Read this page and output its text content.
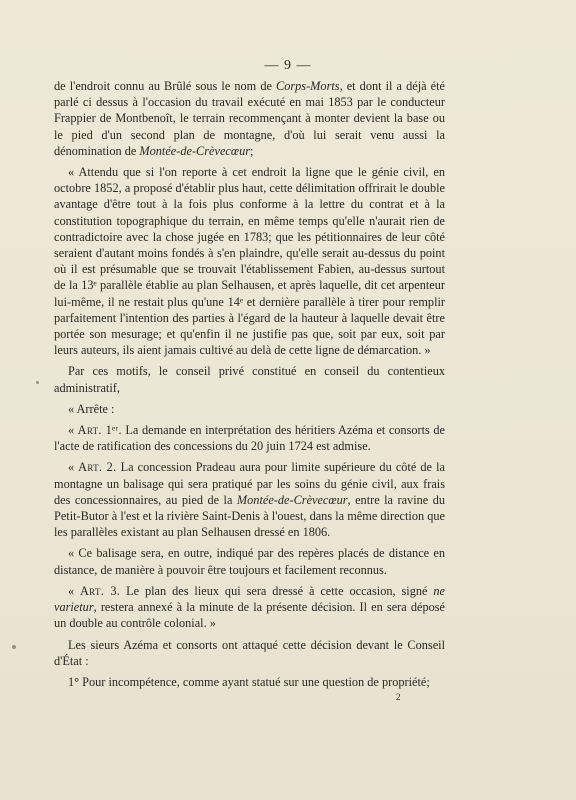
— 9 —

de l'endroit connu au Brûlé sous le nom de Corps-Morts, et dont il a déjà été parlé ci dessus à l'occasion du travail exécuté en mai 1853 par le conducteur Frappier de Montbenoît, le terrain recommençant à monter devient la base ou le pied d'un second plan de montagne, d'où lui serait venu aussi la dénomination de Montée-de-Crèvecœur;

« Attendu que si l'on reporte à cet endroit la ligne que le génie civil, en octobre 1852, a proposé d'établir plus haut, cette délimitation offrirait le double avantage d'être tout à la fois plus conforme à la lettre du contrat et à la constitution topographique du terrain, en même temps qu'elle n'aurait rien de contradictoire avec la chose jugée en 1783; que les pétitionnaires de leur côté seraient d'autant moins fondés à s'en plaindre, qu'elle serait au-dessus du point où il est présumable que se trouvait l'établissement Fabien, au-dessus surtout de la 13ᵉ parallèle établie au plan Selhausen, et après laquelle, dit cet arpenteur lui-même, il ne restait plus qu'une 14ᵉ et dernière parallèle à tirer pour remplir parfaitement l'intention des parties à l'égard de la hauteur à laquelle devait être portée son mesurage; et qu'enfin il ne justifie pas que, soit par eux, soit par leurs auteurs, ils aient jamais cultivé au delà de cette ligne de démarcation. »

Par ces motifs, le conseil privé constitué en conseil du contentieux administratif,

« Arrête :

« Art. 1ᵉʳ. La demande en interprétation des héritiers Azéma et consorts de l'acte de ratification des concessions du 20 juin 1724 est admise.

« Art. 2. La concession Pradeau aura pour limite supérieure du côté de la montagne un balisage qui sera pratiqué par les soins du génie civil, aux frais des concessionnaires, au pied de la Montée-de-Crèvecœur, entre la ravine du Petit-Butor à l'est et la rivière Saint-Denis à l'ouest, dans la même direction que les parallèles existant au plan Selhausen dressé en 1806.

« Ce balisage sera, en outre, indiqué par des repères placés de distance en distance, de manière à pouvoir être toujours et facilement reconnus.

« Art. 3. Le plan des lieux qui sera dressé à cette occasion, signé ne varietur, restera annexé à la minute de la présente décision. Il en sera déposé un double au contrôle colonial. »

Les sieurs Azéma et consorts ont attaqué cette décision devant le Conseil d'État :

1° Pour incompétence, comme ayant statué sur une question de propriété;

2
